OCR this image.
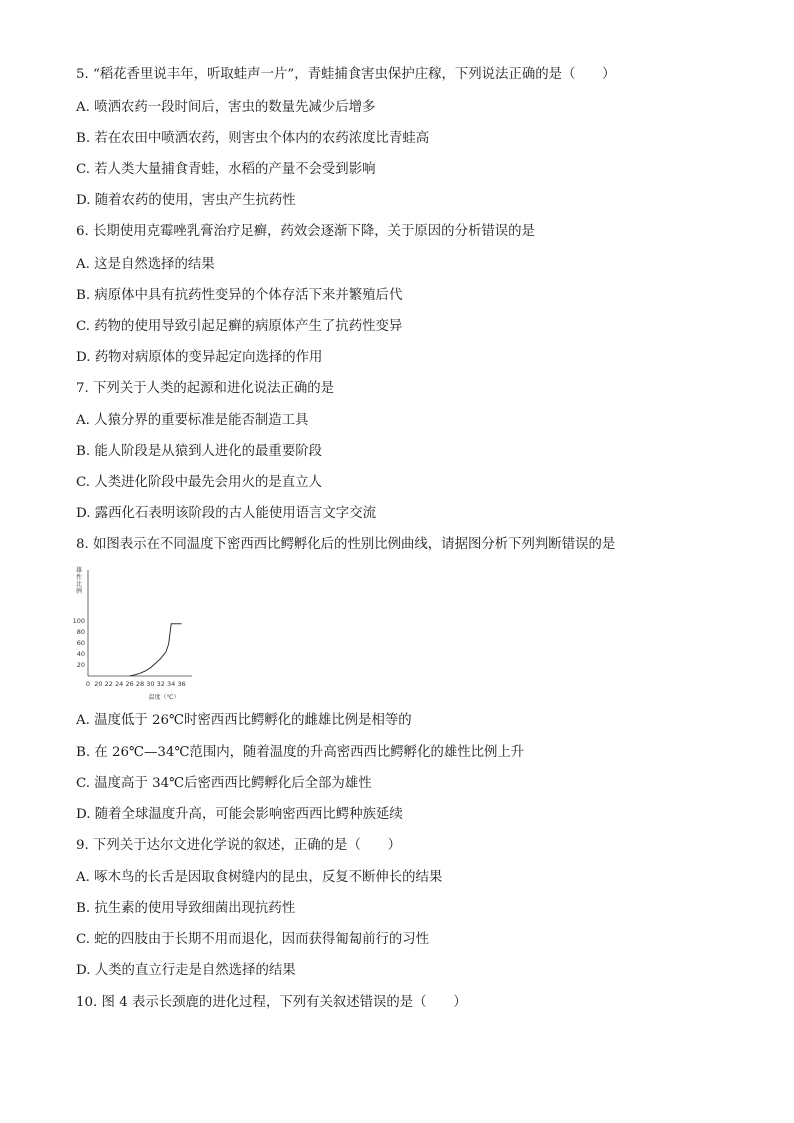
5. “稻花香里说丰年，听取蛙声一片”，青蛙捕食害虫保护庄稼，下列说法正确的是（　　）
A. 喷洒农药一段时间后，害虫的数量先减少后增多
B. 若在农田中喷洒农药，则害虫个体内的农药浓度比青蛙高
C. 若人类大量捕食青蛙，水稻的产量不会受到影响
D. 随着农药的使用，害虫产生抗药性
6. 长期使用克霉唑乳膏治疗足癣，药效会逐渐下降，关于原因的分析错误的是
A. 这是自然选择的结果
B. 病原体中具有抗药性变异的个体存活下来并繁殖后代
C. 药物的使用导致引起足癣的病原体产生了抗药性变异
D. 药物对病原体的变异起定向选择的作用
7. 下列关于人类的起源和进化说法正确的是
A. 人猿分界的重要标准是能否制造工具
B. 能人阶段是从猿到人进化的最重要阶段
C. 人类进化阶段中最先会用火的是直立人
D. 露西化石表明该阶段的古人能使用语言文字交流
8. 如图表示在不同温度下密西西比鳄孵化后的性别比例曲线，请据图分析下列判断错误的是
20
40
60
80
100
0 20 22 24 26 28 30 32 34 36
雄性比例
温度（℃）
A. 温度低于 26℃时密西西比鳄孵化的雌雄比例是相等的
B. 在 26℃—34℃范围内，随着温度的升高密西西比鳄孵化的雄性比例上升
C. 温度高于 34℃后密西西比鳄孵化后全部为雄性
D. 随着全球温度升高，可能会影响密西西比鳄种族延续
9. 下列关于达尔文进化学说的叙述，正确的是（　　）
A. 啄木鸟的长舌是因取食树缝内的昆虫，反复不断伸长的结果
B. 抗生素的使用导致细菌出现抗药性
C. 蛇的四肢由于长期不用而退化，因而获得匍匐前行的习性
D. 人类的直立行走是自然选择的结果
10. 图 4 表示长颈鹿的进化过程，下列有关叙述错误的是（　　）
